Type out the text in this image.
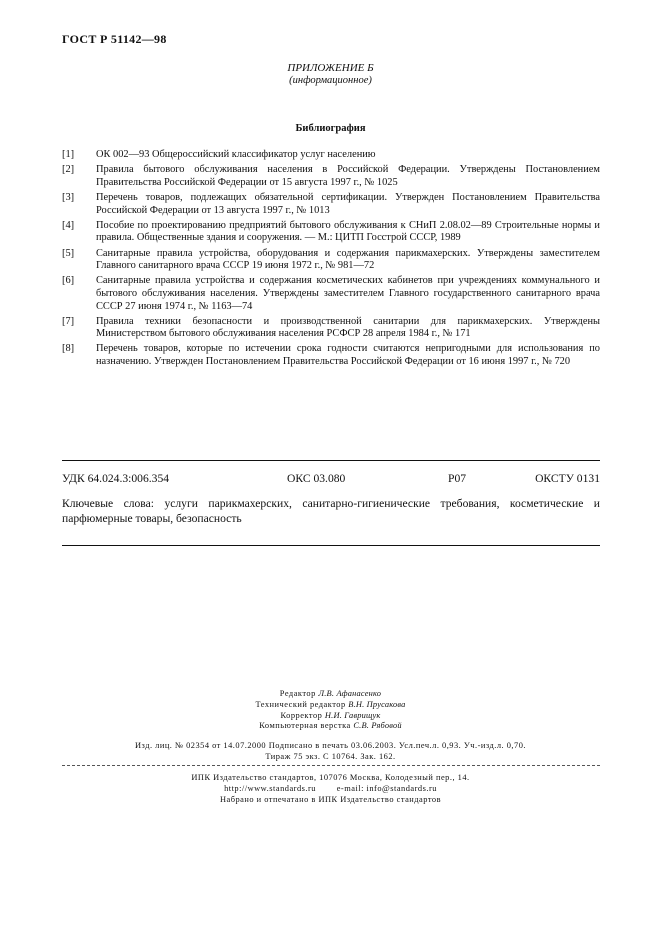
ГОСТ Р 51142—98
ПРИЛОЖЕНИЕ Б
(информационное)
Библиография
[1]	ОК 002—93 Общероссийский классификатор услуг населению
[2]	Правила бытового обслуживания населения в Российской Федерации. Утверждены Постановлением Правительства Российской Федерации от 15 августа 1997 г., № 1025
[3]	Перечень товаров, подлежащих обязательной сертификации. Утвержден Постановлением Правительства Российской Федерации от 13 августа 1997 г., № 1013
[4]	Пособие по проектированию предприятий бытового обслуживания к СНиП 2.08.02—89 Строительные нормы и правила. Общественные здания и сооружения. — М.: ЦИТП Госстрой СССР, 1989
[5]	Санитарные правила устройства, оборудования и содержания парикмахерских. Утверждены заместителем Главного санитарного врача СССР 19 июня 1972 г., № 981—72
[6]	Санитарные правила устройства и содержания косметических кабинетов при учреждениях коммунального и бытового обслуживания населения. Утверждены заместителем Главного государственного санитарного врача СССР 27 июня 1974 г., № 1163—74
[7]	Правила техники безопасности и производственной санитарии для парикмахерских. Утверждены Министерством бытового обслуживания населения РСФСР 28 апреля 1984 г., № 171
[8]	Перечень товаров, которые по истечении срока годности считаются непригодными для использования по назначению. Утвержден Постановлением Правительства Российской Федерации от 16 июня 1997 г., № 720
УДК 64.024.3:006.354	ОКС 03.080	Р07	ОКСТУ 0131
Ключевые слова: услуги парикмахерских, санитарно-гигиенические требования, косметические и парфюмерные товары, безопасность
Редактор Л.В. Афанасенко
Технический редактор В.Н. Прусакова
Корректор Н.И. Гаврищук
Компьютерная верстка С.В. Рябовой
Изд. лиц. № 02354 от 14.07.2000 Подписано в печать 03.06.2003. Усл.печ.л. 0,93. Уч.-изд.л. 0,70.
Тираж 75 экз. С 10764. Зак. 162.
ИПК Издательство стандартов, 107076 Москва, Колодезный пер., 14.
http://www.standards.ru e-mail: info@standards.ru
Набрано и отпечатано в ИПК Издательство стандартов
